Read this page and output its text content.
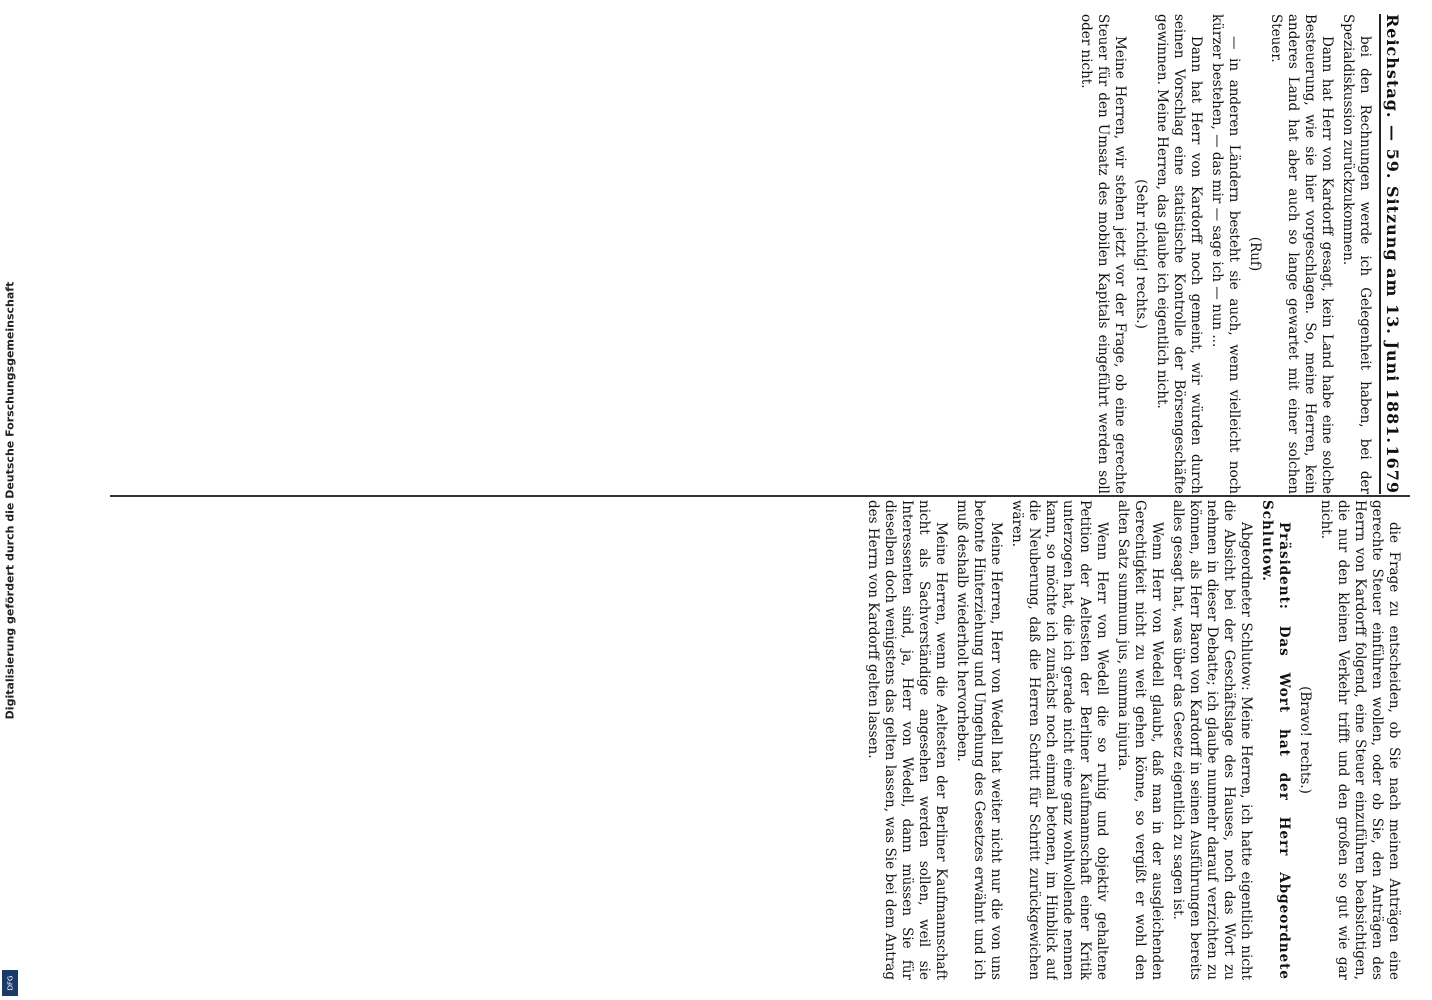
Reichstag. — 59. Sitzung am 13. Juni 1881.
1679

bei den Rechnungen werde ich Gelegenheit haben, bei der Spezialdiskussion zurückzukommen.

Dann hat Herr von Kardorff gesagt, kein Land habe eine solche Besteuerung, wie sie hier vorgeschlagen. So, meine Herren, kein anderes Land hat aber auch so lange gewartet mit einer solchen Steuer.

(Ruf)

— in anderen Ländern besteht sie auch, wenn vielleicht noch kürzer bestehen, — das mir — sage ich — nun ...

Dann hat Herr von Kardorff noch gemeint, wir würden durch seinen Vorschlag eine statistische Kontrolle der Börsengeschäfte gewinnen. Meine Herren, das glaube ich eigentlich nicht.

(Sehr richtig! rechts.)

Meine Herren, wir stehen jetzt vor der Frage, ob eine gerechte Steuer für den Umsatz des mobilen Kapitals eingeführt werden soll oder nicht.

die Frage zu entscheiden, ob Sie nach meinen Anträgen eine gerechte Steuer einführen wollen, oder ob Sie, den Anträgen des Herrn von Kardorff folgend, eine Steuer einzuführen beabsichtigen, die nur den kleinen Verkehr trifft und den großen so gut wie gar nicht.

(Bravo! rechts.)

Präsident: Das Wort hat der Herr Abgeordnete Schlutow.

Abgeordneter Schlutow: Meine Herren, ich hatte eigentlich nicht die Absicht bei der Geschäftslage des Hauses, noch das Wort zu nehmen in dieser Debatte; ich glaube nunmehr darauf verzichten zu können, als Herr Baron von Kardorff in seinen Ausführungen bereits alles gesagt hat, was über das Gesetz eigentlich zu sagen ist.

Wenn Herr von Wedell glaubt, daß man in der ausgleichenden Gerechtigkeit nicht zu weit gehen könne, so vergißt er wohl den alten Satz summum jus, summa injuria.

Wenn Herr von Wedell die so ruhig und objektiv gehaltene Petition der Aeltesten der Berliner Kaufmannschaft einer Kritik unterzogen hat, die ich gerade nicht eine ganz wohlwollende nennen kann, so möchte ich zunächst noch einmal betonen, im Hinblick auf die Neuberung, daß die Herren Schritt für Schritt zurückgewichen wären.

Meine Herren, Herr von Wedell hat weiter nicht nur die von uns betonte Hinterziehung und Umgehung des Gesetzes erwähnt und ich muß deshalb wiederholt hervorheben.

Meine Herren, wenn die Aeltesten der Berliner Kaufmannschaft nicht als Sachverständige angesehen werden sollen, weil sie Interessenten sind, ja, Herr von Wedell, dann müssen Sie für dieselben doch wenigstens das gelten lassen, was Sie bei dem Antrag des Herrn von Kardorff gelten lassen.

Digitalisierung gefördert durch die Deutsche Forschungsgemeinschaft
DFG
